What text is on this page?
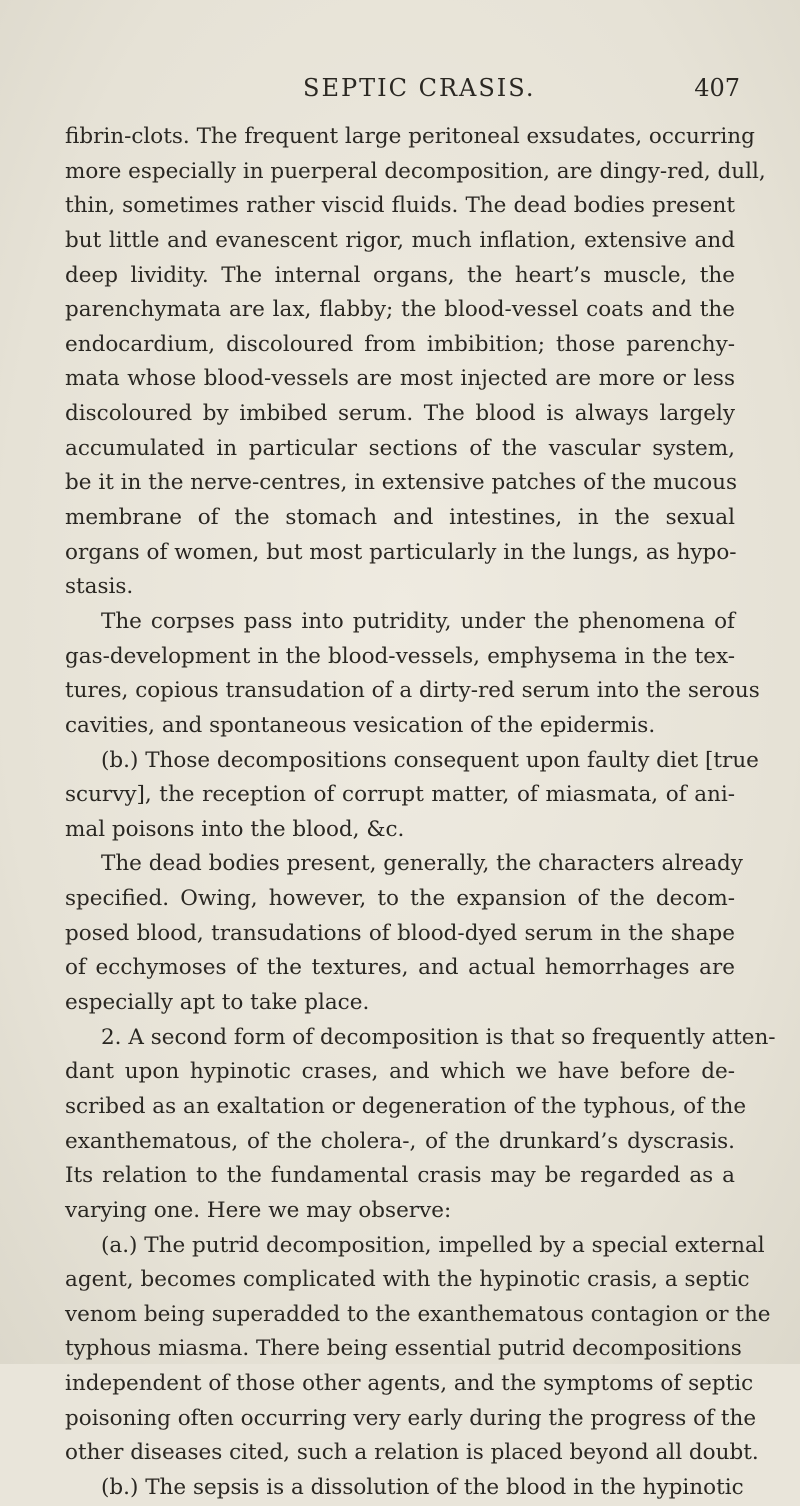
SEPTIC CRASIS.	407
fibrin-clots. The frequent large peritoneal exsudates, occurring
more especially in puerperal decomposition, are dingy-red, dull,
thin, sometimes rather viscid fluids. The dead bodies present
but little and evanescent rigor, much inflation, extensive and
deep lividity. The internal organs, the heart’s muscle, the
parenchymata are lax, flabby; the blood-vessel coats and the
endocardium, discoloured from imbibition; those parenchy-
mata whose blood-vessels are most injected are more or less
discoloured by imbibed serum. The blood is always largely
accumulated in particular sections of the vascular system,
be it in the nerve-centres, in extensive patches of the mucous
membrane of the stomach and intestines, in the sexual
organs of women, but most particularly in the lungs, as hypo-
stasis.
The corpses pass into putridity, under the phenomena of
gas-development in the blood-vessels, emphysema in the tex-
tures, copious transudation of a dirty-red serum into the serous
cavities, and spontaneous vesication of the epidermis.
(b.) Those decompositions consequent upon faulty diet [true
scurvy], the reception of corrupt matter, of miasmata, of ani-
mal poisons into the blood, &c.
The dead bodies present, generally, the characters already
specified. Owing, however, to the expansion of the decom-
posed blood, transudations of blood-dyed serum in the shape
of ecchymoses of the textures, and actual hemorrhages are
especially apt to take place.
2. A second form of decomposition is that so frequently atten-
dant upon hypinotic crases, and which we have before de-
scribed as an exaltation or degeneration of the typhous, of the
exanthematous, of the cholera-, of the drunkard’s dyscrasis.
Its relation to the fundamental crasis may be regarded as a
varying one. Here we may observe:
(a.) The putrid decomposition, impelled by a special external
agent, becomes complicated with the hypinotic crasis, a septic
venom being superadded to the exanthematous contagion or the
typhous miasma. There being essential putrid decompositions
independent of those other agents, and the symptoms of septic
poisoning often occurring very early during the progress of the
other diseases cited, such a relation is placed beyond all doubt.
(b.) The sepsis is a dissolution of the blood in the hypinotic
